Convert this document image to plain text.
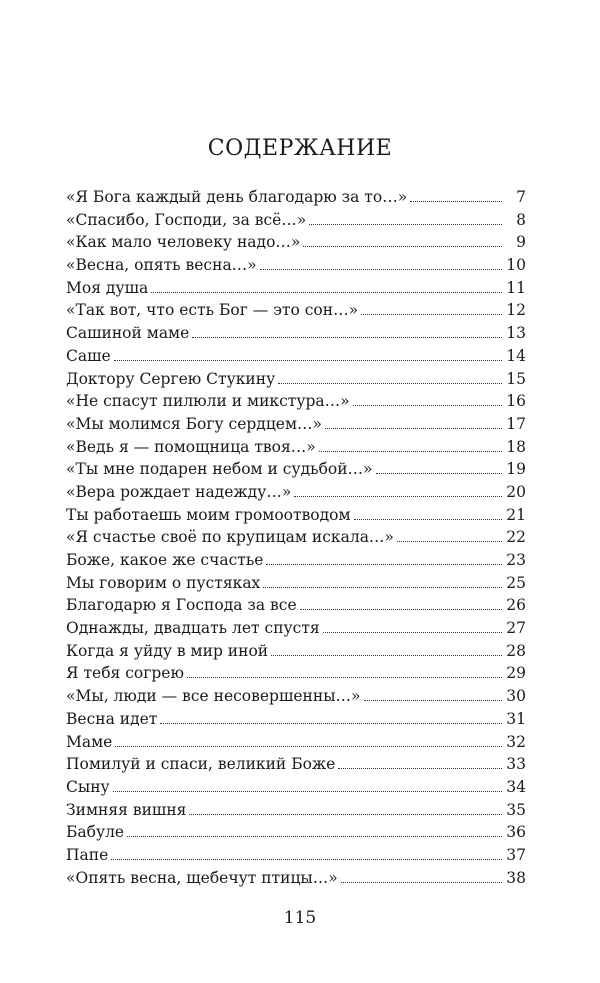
СОДЕРЖАНИЕ
«Я Бога каждый день благодарю за то…»	7
«Спасибо, Господи, за всё…»	8
«Как мало человеку надо…»	9
«Весна, опять весна…»	10
Моя душа	11
«Так вот, что есть Бог — это сон…»	12
Сашиной маме	13
Саше	14
Доктору Сергею Стукину	15
«Не спасут пилюли и микстура…»	16
«Мы молимся Богу сердцем…»	17
«Ведь я — помощница твоя…»	18
«Ты мне подарен небом и судьбой…»	19
«Вера рождает надежду…»	20
Ты работаешь моим громоотводом	21
«Я счастье своё по крупицам искала…»	22
Боже, какое же счастье	23
Мы говорим о пустяках	25
Благодарю я Господа за все	26
Однажды, двадцать лет спустя	27
Когда я уйду в мир иной	28
Я тебя согрею	29
«Мы, люди — все несовершенны…»	30
Весна идет	31
Маме	32
Помилуй и спаси, великий Боже	33
Сыну	34
Зимняя вишня	35
Бабуле	36
Папе	37
«Опять весна, щебечут птицы…»	38
115
